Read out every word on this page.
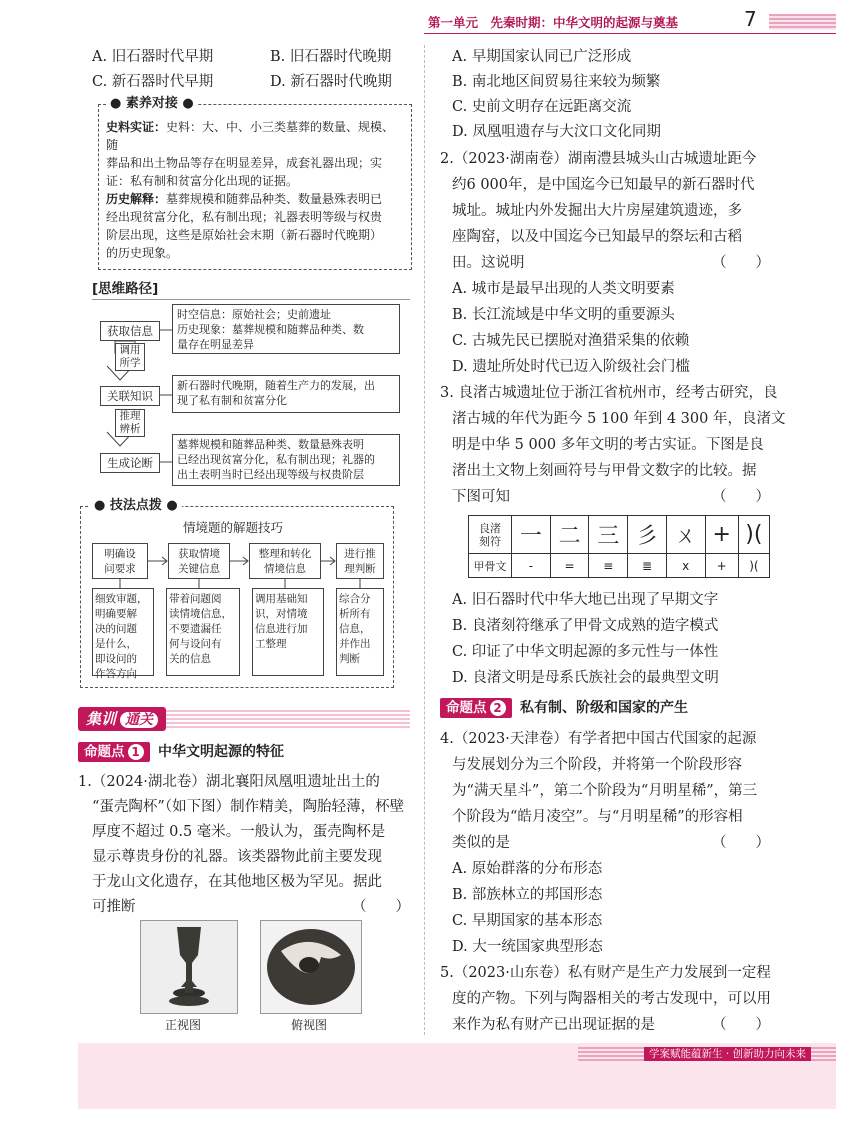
第一单元　先秦时期：中华文明的起源与奠基	7
A. 旧石器时代早期	B. 旧石器时代晚期
C. 新石器时代早期	D. 新石器时代晚期
● 素养对接 ●
史料实证：史料：大、中、小三类墓葬的数量、规模、随
葬品和出土物品等存在明显差异，成套礼器出现；实
证：私有制和贫富分化出现的证据。
历史解释：墓葬规模和随葬品种类、数量悬殊表明已
经出现贫富分化，私有制出现；礼器表明等级与权贵
阶层出现，这些是原始社会末期（新石器时代晚期）
的历史现象。
[思维路径]
获取信息
关联知识
生成论断
调用
所学
推理
辨析
时空信息：原始社会；史前遗址
历史现象：墓葬规模和随葬品种类、数
量存在明显差异
新石器时代晚期，随着生产力的发展，出
现了私有制和贫富分化
墓葬规模和随葬品种类、数量悬殊表明
已经出现贫富分化，私有制出现；礼器的
出土表明当时已经出现等级与权贵阶层
● 技法点拨 ●
情境题的解题技巧
明确设
问要求
获取情境
关键信息
整理和转化
情境信息
进行推
理判断
细致审题，
明确要解
决的问题
是什么，
即设问的
作答方向
带着问题阅
读情境信息，
不要遗漏任
何与设问有
关的信息
调用基础知
识，对情境
信息进行加
工整理
综合分
析所有
信息，
并作出
判断
集训 通关
命题点 1	中华文明起源的特征
1.（2024·湖北卷）湖北襄阳凤凰咀遗址出土的
“蛋壳陶杯”（如下图）制作精美，陶胎轻薄，杯壁
厚度不超过 0.5 毫米。一般认为，蛋壳陶杯是
显示尊贵身份的礼器。该类器物此前主要发现
于龙山文化遗存，在其他地区极为罕见。据此
可推断	（　　）
正视图	俯视图
A. 早期国家认同已广泛形成
B. 南北地区间贸易往来较为频繁
C. 史前文明存在远距离交流
D. 凤凰咀遗存与大汶口文化同期
2.（2023·湖南卷）湖南澧县城头山古城遗址距今
约6 000年，是中国迄今已知最早的新石器时代
城址。城址内外发掘出大片房屋建筑遗迹，多
座陶窑，以及中国迄今已知最早的祭坛和古稻
田。这说明	（　　）
A. 城市是最早出现的人类文明要素
B. 长江流域是中华文明的重要源头
C. 古城先民已摆脱对渔猎采集的依赖
D. 遗址所处时代已迈入阶级社会门槛
3. 良渚古城遗址位于浙江省杭州市，经考古研究，良
渚古城的年代为距今 5 100 年到 4 300 年，良渚文
明是中华 5 000 多年文明的考古实证。下图是良
渚出土文物上刻画符号与甲骨文数字的比较。据
下图可知	（　　）
良渚
刻符	一	二	三	彡	ㄨ	+	)(
甲骨文	-	=	≡	≣	x	+	)(
A. 旧石器时代中华大地已出现了早期文字
B. 良渚刻符继承了甲骨文成熟的造字模式
C. 印证了中华文明起源的多元性与一体性
D. 良渚文明是母系氏族社会的最典型文明
命题点 2	私有制、阶级和国家的产生
4.（2023·天津卷）有学者把中国古代国家的起源
与发展划分为三个阶段，并将第一个阶段形容
为“满天星斗”，第二个阶段为“月明星稀”，第三
个阶段为“皓月凌空”。与“月明星稀”的形容相
类似的是	（　　）
A. 原始群落的分布形态
B. 部族林立的邦国形态
C. 早期国家的基本形态
D. 大一统国家典型形态
5.（2023·山东卷）私有财产是生产力发展到一定程
度的产物。下列与陶器相关的考古发现中，可以用
来作为私有财产已出现证据的是	（　　）
学案赋能蕴新生 · 创新助力向未来
